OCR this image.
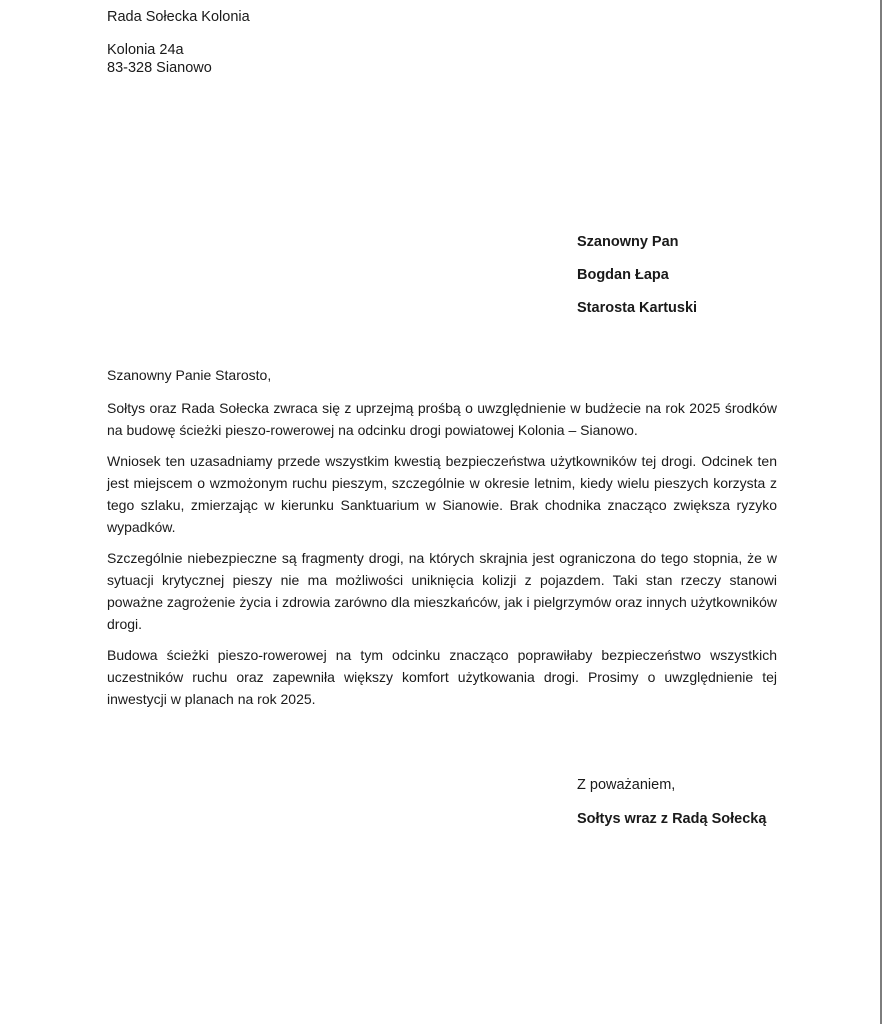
Rada Sołecka Kolonia
Kolonia 24a
83-328 Sianowo
Szanowny Pan
Bogdan Łapa
Starosta Kartuski
Szanowny Panie Starosto,

Sołtys oraz Rada Sołecka zwraca się z uprzejmą prośbą o uwzględnienie w budżecie na rok 2025 środków na budowę ścieżki pieszo-rowerowej na odcinku drogi powiatowej Kolonia – Sianowo.

Wniosek ten uzasadniamy przede wszystkim kwestią bezpieczeństwa użytkowników tej drogi. Odcinek ten jest miejscem o wzmożonym ruchu pieszym, szczególnie w okresie letnim, kiedy wielu pieszych korzysta z tego szlaku, zmierzając w kierunku Sanktuarium w Sianowie. Brak chodnika znacząco zwiększa ryzyko wypadków.

Szczególnie niebezpieczne są fragmenty drogi, na których skrajnia jest ograniczona do tego stopnia, że w sytuacji krytycznej pieszy nie ma możliwości uniknięcia kolizji z pojazdem. Taki stan rzeczy stanowi poważne zagrożenie życia i zdrowia zarówno dla mieszkańców, jak i pielgrzymów oraz innych użytkowników drogi.

Budowa ścieżki pieszo-rowerowej na tym odcinku znacząco poprawiłaby bezpieczeństwo wszystkich uczestników ruchu oraz zapewniła większy komfort użytkowania drogi. Prosimy o uwzględnienie tej inwestycji w planach na rok 2025.

Z poważaniem,
Sołtys wraz z Radą Sołecką
